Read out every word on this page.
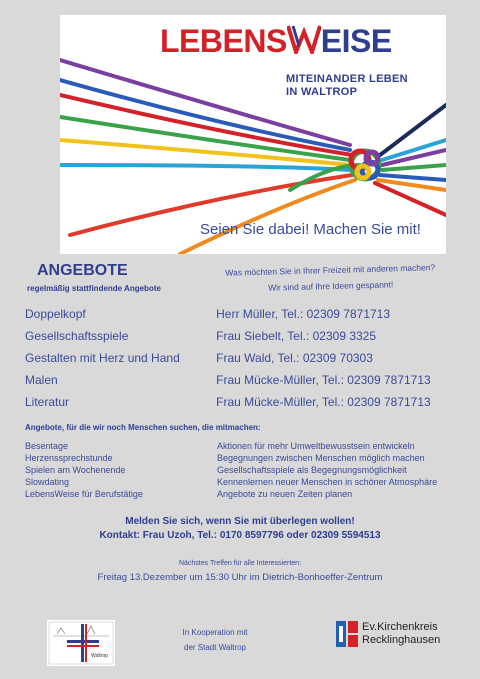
LEBENS EISE
MITEINANDER LEBEN
IN WALTROP
Seien Sie dabei! Machen Sie mit!
ANGEBOTE
regelmäßig stattfindende Angebote
Was möchten Sie in Ihrer Freizeit mit anderen machen?
Wir sind auf Ihre Ideen gespannt!
Doppelkopf	Herr Müller, Tel.: 02309 7871713
Gesellschaftsspiele	Frau Siebelt, Tel.: 02309 3325
Gestalten mit Herz und Hand	Frau Wald, Tel.: 02309 70303
Malen	Frau Mücke-Müller, Tel.: 02309 7871713
Literatur	Frau Mücke-Müller, Tel.: 02309 7871713
Angebote, für die wir noch Menschen suchen, die mitmachen:
Besentage	Aktionen für mehr Umweltbewusstsein entwickeln
Herzenssprechstunde	Begegnungen zwischen Menschen möglich machen
Spielen am Wochenende	Gesellschaftsspiele als Begegnungsmöglichkeit
Slowdating	Kennenlernen neuer Menschen in schöner Atmosphäre
LebensWeise für Berufstätige	Angebote zu neuen Zeiten planen
Melden Sie sich, wenn Sie mit überlegen wollen!
Kontakt: Frau Uzoh, Tel.: 0170 8597796 oder 02309 5594513
Nächstes Treffen für alle Interessierten:
Freitag 13.Dezember um 15:30 Uhr im Dietrich-Bonhoeffer-Zentrum
Waltrop
In Kooperation mit
der Stadt Waltrop
Ev.Kirchenkreis
Recklinghausen
